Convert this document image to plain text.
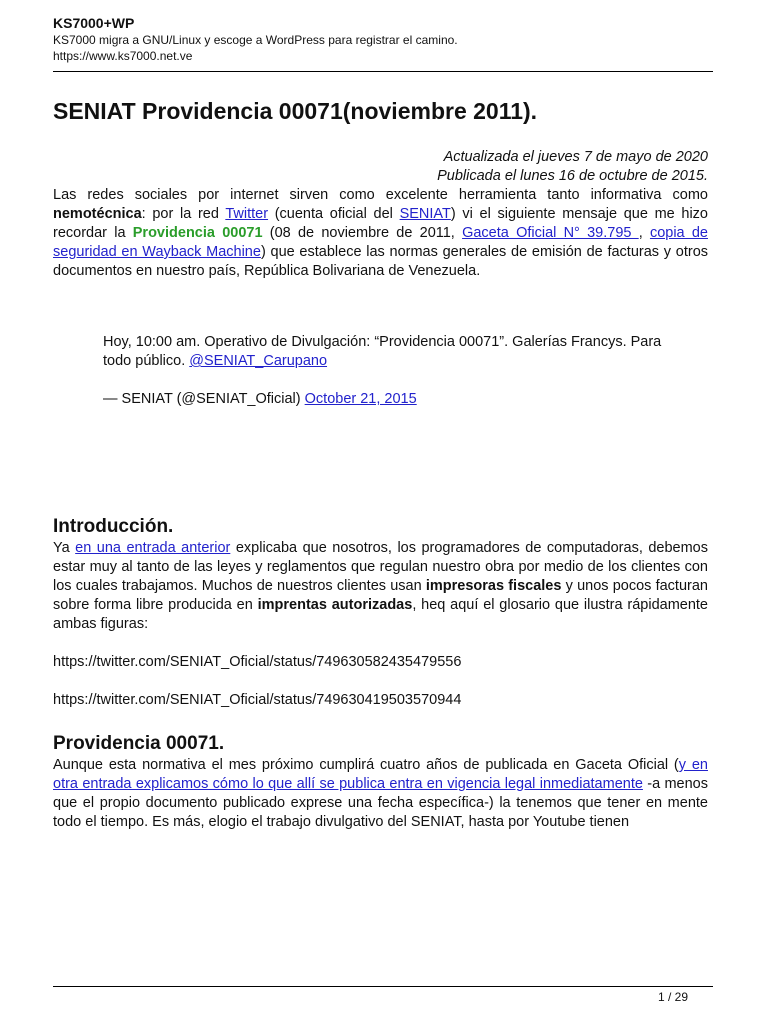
KS7000+WP
KS7000 migra a GNU/Linux y escoge a WordPress para registrar el camino.
https://www.ks7000.net.ve
SENIAT Providencia 00071(noviembre 2011).
Actualizada el jueves 7 de mayo de 2020
Publicada el lunes 16 de octubre de 2015.

Las redes sociales por internet sirven como excelente herramienta tanto informativa como nemotécnica: por la red Twitter (cuenta oficial del SENIAT) vi el siguiente mensaje que me hizo recordar la Providencia 00071 (08 de noviembre de 2011, Gaceta Oficial N° 39.795 , copia de seguridad en Wayback Machine) que establece las normas generales de emisión de facturas y otros documentos en nuestro país, República Bolivariana de Venezuela.

Hoy, 10:00 am. Operativo de Divulgación: “Providencia 00071”. Galerías Francys. Para todo público. @SENIAT_Carupano
— SENIAT (@SENIAT_Oficial) October 21, 2015
Introducción.

Ya en una entrada anterior explicaba que nosotros, los programadores de computadoras, debemos estar muy al tanto de las leyes y reglamentos que regulan nuestro obra por medio de los clientes con los cuales trabajamos. Muchos de nuestros clientes usan impresoras fiscales y unos pocos facturan sobre forma libre producida en imprentas autorizadas, heq aquí el glosario que ilustra rápidamente ambas figuras:

https://twitter.com/SENIAT_Oficial/status/749630582435479556
https://twitter.com/SENIAT_Oficial/status/749630419503570944
Providencia 00071.

Aunque esta normativa el mes próximo cumplirá cuatro años de publicada en Gaceta Oficial (y en otra entrada explicamos cómo lo que allí se publica entra en vigencia legal inmediatamente -a menos que el propio documento publicado exprese una fecha específica-) la tenemos que tener en mente todo el tiempo. Es más, elogio el trabajo divulgativo del SENIAT, hasta por Youtube tienen

1 / 29
